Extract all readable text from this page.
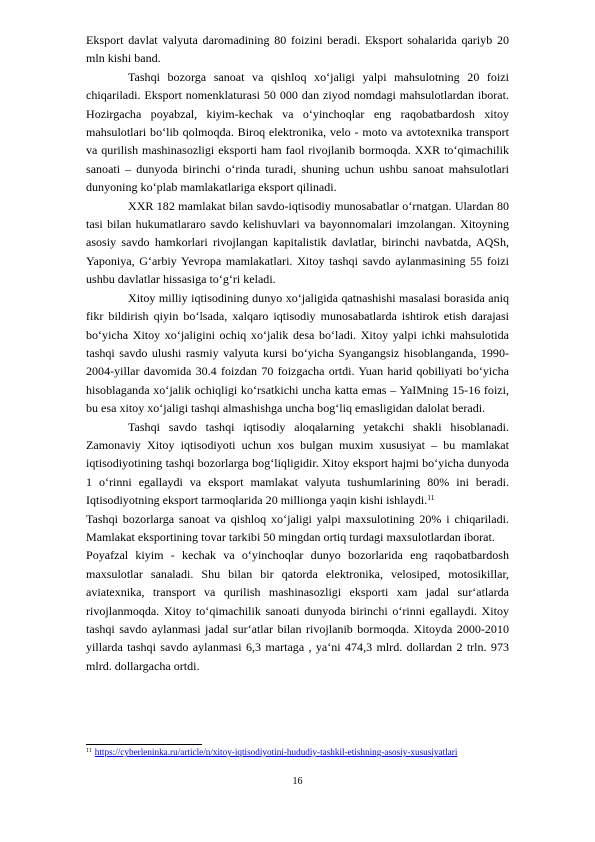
Eksport davlat valyuta daromadining 80 foizini beradi. Eksport sohalarida qariyb 20 mln kishi band.

Tashqi bozorga sanoat va qishloq xo‘jaligi yalpi mahsulotning 20 foizi chiqariladi. Eksport nomenklaturasi 50 000 dan ziyod nomdagi mahsulotlardan iborat. Hozirgacha poyabzal, kiyim-kechak va o‘yinchoqlar eng raqobatbardosh xitoy mahsulotlari bo‘lib qolmoqda. Biroq elektronika, velo - moto va avtotexnika transport va qurilish mashinasozligi eksporti ham faol rivojlanib bormoqda. XXR to‘qimachilik sanoati – dunyoda birinchi o‘rinda turadi, shuning uchun ushbu sanoat mahsulotlari dunyoning ko‘plab mamlakatlariga eksport qilinadi.

XXR 182 mamlakat bilan savdo-iqtisodiy munosabatlar o‘rnatgan. Ulardan 80 tasi bilan hukumatlararo savdo kelishuvlari va bayonnomalari imzolangan. Xitoyning asosiy savdo hamkorlari rivojlangan kapitalistik davlatlar, birinchi navbatda, AQSh, Yaponiya, G‘arbiy Yevropa mamlakatlari. Xitoy tashqi savdo aylanmasining 55 foizi ushbu davlatlar hissasiga to‘g‘ri keladi.

Xitoy milliy iqtisodining dunyo xo‘jaligida qatnashishi masalasi borasida aniq fikr bildirish qiyin bo‘lsada, xalqaro iqtisodiy munosabatlarda ishtirok etish darajasi bo‘yicha Xitoy xo‘jaligini ochiq xo‘jalik desa bo‘ladi. Xitoy yalpi ichki mahsulotida tashqi savdo ulushi rasmiy valyuta kursi bo‘yicha Syangangsiz hisoblanganda, 1990-2004-yillar davomida 30.4 foizdan 70 foizgacha ortdi. Yuan harid qobiliyati bo‘yicha hisoblaganda xo‘jalik ochiqligi ko‘rsatkichi uncha katta emas – YaIMning 15-16 foizi, bu esa xitoy xo‘jaligi tashqi almashishga uncha bog‘liq emasligidan dalolat beradi.

Tashqi savdo tashqi iqtisodiy aloqalarning yetakchi shakli hisoblanadi. Zamonaviy Xitoy iqtisodiyoti uchun xos bulgan muxim xususiyat – bu mamlakat iqtisodiyotining tashqi bozorlarga bog‘liqligidir. Xitoy eksport hajmi bo‘yicha dunyoda 1 o‘rinni egallaydi va eksport mamlakat valyuta tushumlarining 80% ini beradi. Iqtisodiyotning eksport tarmoqlarida 20 millionga yaqin kishi ishlaydi.$^{11}$

Tashqi bozorlarga sanoat va qishloq xo‘jaligi yalpi maxsulotining 20% i chiqariladi. Mamlakat eksportining tovar tarkibi 50 mingdan ortiq turdagi maxsulotlardan iborat.

Poyafzal kiyim - kechak va o‘yinchoqlar dunyo bozorlarida eng raqobatbardosh maxsulotlar sanaladi. Shu bilan bir qatorda elektronika, velosiped, motosikillar, aviatexnika, transport va qurilish mashinasozligi eksporti xam jadal sur‘atlarda rivojlanmoqda. Xitoy to‘qimachilik sanoati dunyoda birinchi o‘rinni egallaydi. Xitoy tashqi savdo aylanmasi jadal sur‘atlar bilan rivojlanib bormoqda. Xitoyda 2000-2010 yillarda tashqi savdo aylanmasi 6,3 martaga , ya‘ni 474,3 mlrd. dollardan 2 trln. 973 mlrd. dollargacha ortdi.

$^{11}$ https://cyberleninka.ru/article/n/xitoy-iqtisodiyotini-hududiy-tashkil-etishning-asosiy-xususiyatlari
16
